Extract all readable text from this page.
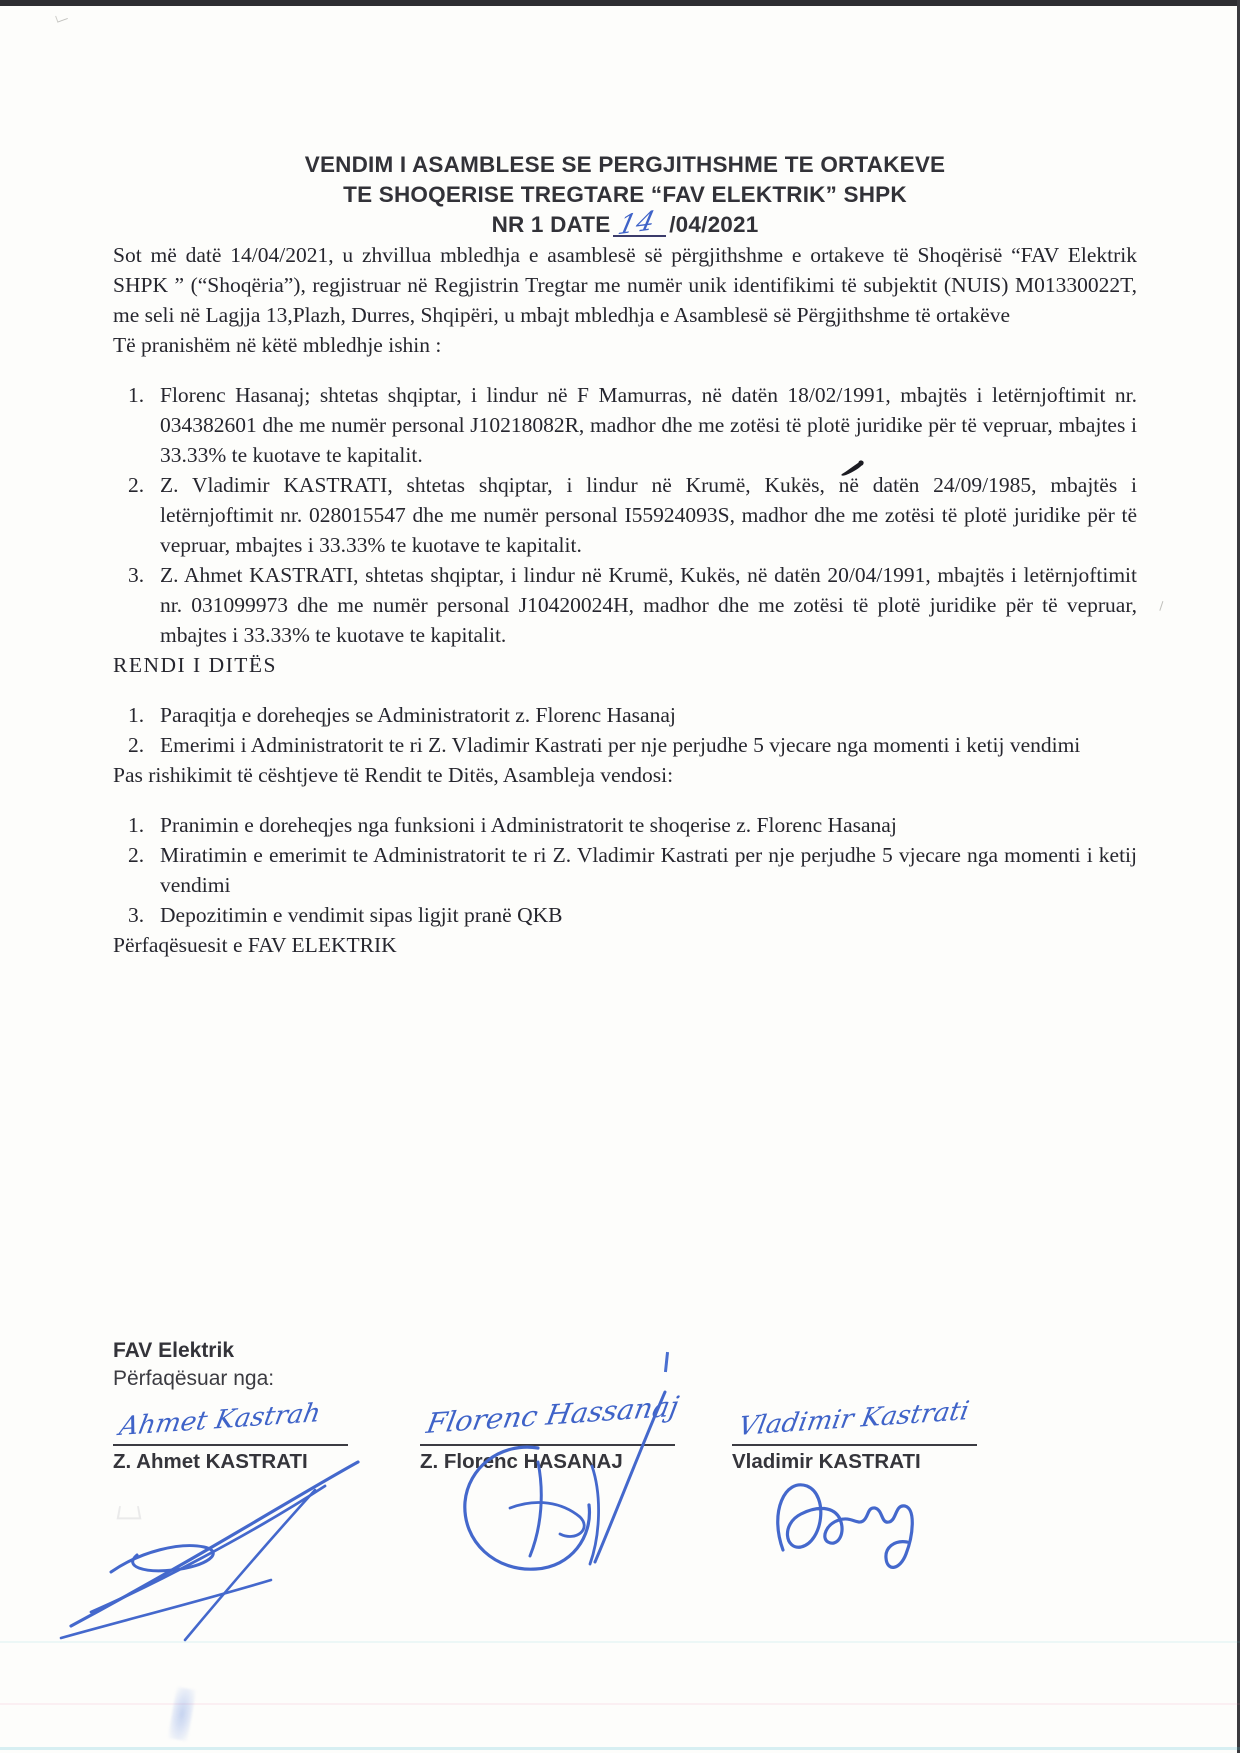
VENDIM I ASAMBLESE SE PERGJITHSHME TE ORTAKEVE
TE SHOQERISE TREGTARE “FAV ELEKTRIK” SHPK
NR 1 DATE 14 /04/2021

Sot më datë 14/04/2021, u zhvillua mbledhja e asamblesë së përgjithshme e ortakeve të Shoqërisë “FAV Elektrik SHPK ” (“Shoqëria”), regjistruar në Regjistrin Tregtar me numër unik identifikimi të subjektit (NUIS) M01330022T, me seli në Lagjja 13,Plazh, Durres, Shqipëri, u mbajt mbledhja e Asamblesë së Përgjithshme të ortakëve

Të pranishëm në këtë mbledhje ishin :

Florenc Hasanaj; shtetas shqiptar, i lindur në F Mamurras, në datën 18/02/1991, mbajtës i letërnjoftimit nr. 034382601 dhe me numër personal J10218082R, madhor dhe me zotësi të plotë juridike për të vepruar, mbajtes i 33.33% te kuotave te kapitalit.
Z. Vladimir KASTRATI, shtetas shqiptar, i lindur në Krumë, Kukës, në datën 24/09/1985, mbajtës i letërnjoftimit nr. 028015547 dhe me numër personal I55924093S, madhor dhe me zotësi të plotë juridike për të vepruar, mbajtes i 33.33% te kuotave te kapitalit.
Z. Ahmet KASTRATI, shtetas shqiptar, i lindur në Krumë, Kukës, në datën 20/04/1991, mbajtës i letërnjoftimit nr. 031099973 dhe me numër personal J10420024H, madhor dhe me zotësi të plotë juridike për të vepruar, mbajtes i 33.33% te kuotave te kapitalit.

RENDI I DITËS

Paraqitja e doreheqjes se Administratorit z. Florenc Hasanaj
Emerimi i Administratorit te ri Z. Vladimir Kastrati per nje perjudhe 5 vjecare nga momenti i ketij vendimi

Pas rishikimit të cështjeve të Rendit te Ditës, Asambleja vendosi:

Pranimin e doreheqjes nga funksioni i Administratorit te shoqerise z. Florenc Hasanaj
Miratimin e emerimit te Administratorit te ri Z. Vladimir Kastrati per nje perjudhe 5 vjecare nga momenti i ketij vendimi
Depozitimin e vendimit sipas ligjit pranë QKB

Përfaqësuesit e FAV ELEKTRIK

FAV Elektrik
Përfaqësuar nga:
Ahmet Kastrah
Z. Ahmet KASTRATI
Florenc Hassanaj
Z. Florenc HASANAJ
Vladimir Kastrati
Vladimir KASTRATI
